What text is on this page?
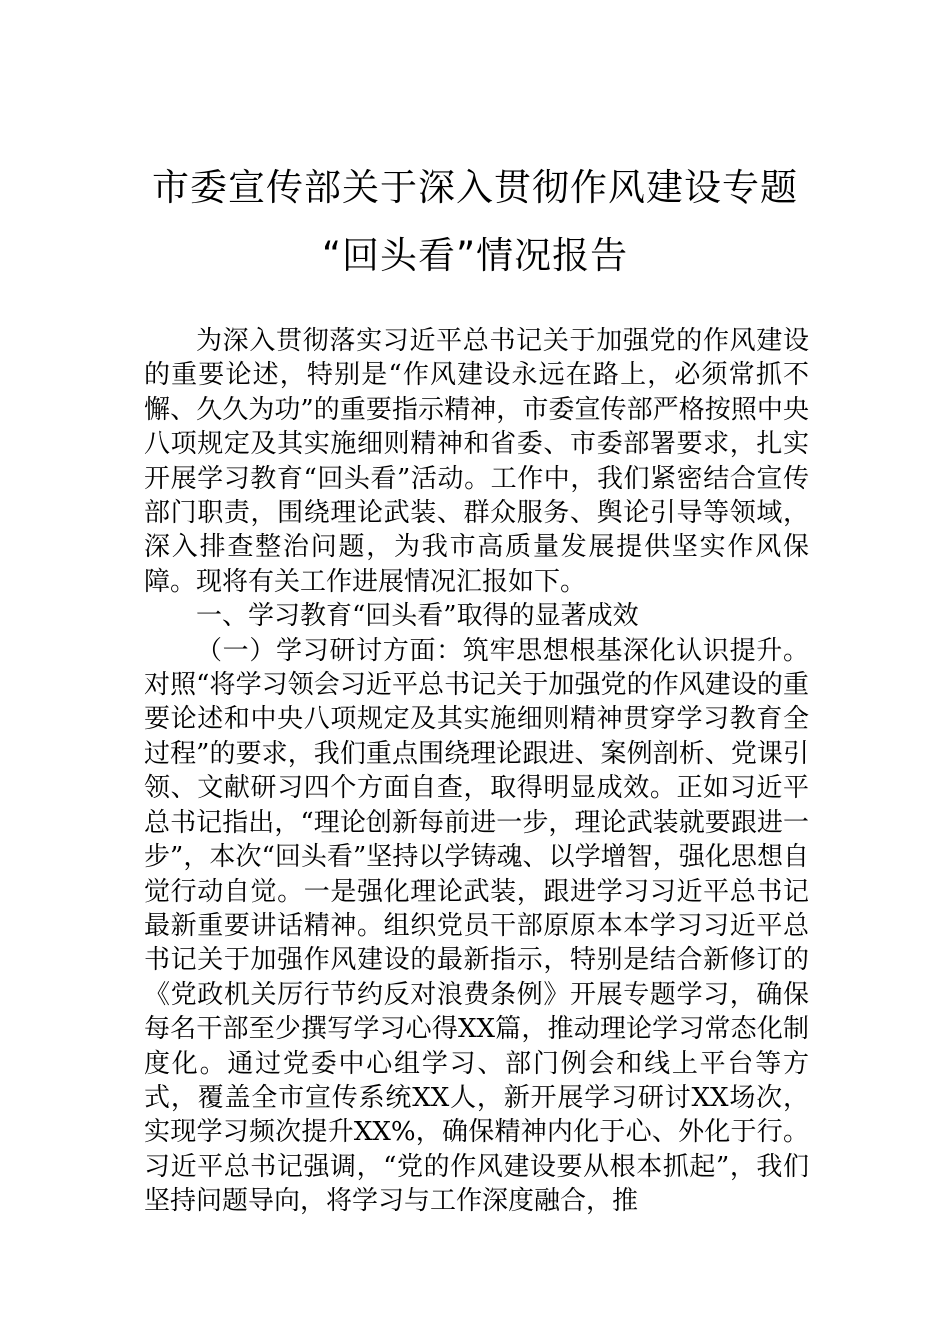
市委宣传部关于深入贯彻作风建设专题
“回头看”情况报告

为深入贯彻落实习近平总书记关于加强党的作风建设的重要论述，特别是“作风建设永远在路上，必须常抓不懈、久久为功”的重要指示精神，市委宣传部严格按照中央八项规定及其实施细则精神和省委、市委部署要求，扎实开展学习教育“回头看”活动。工作中，我们紧密结合宣传部门职责，围绕理论武装、群众服务、舆论引导等领域，深入排查整治问题，为我市高质量发展提供坚实作风保障。现将有关工作进展情况汇报如下。

一、学习教育“回头看”取得的显著成效

（一）学习研讨方面：筑牢思想根基深化认识提升。对照“将学习领会习近平总书记关于加强党的作风建设的重要论述和中央八项规定及其实施细则精神贯穿学习教育全过程”的要求，我们重点围绕理论跟进、案例剖析、党课引领、文献研习四个方面自查，取得明显成效。正如习近平总书记指出，“理论创新每前进一步，理论武装就要跟进一步”，本次“回头看”坚持以学铸魂、以学增智，强化思想自觉行动自觉。一是强化理论武装，跟进学习习近平总书记最新重要讲话精神。组织党员干部原原本本学习习近平总书记关于加强作风建设的最新指示，特别是结合新修订的《党政机关厉行节约反对浪费条例》开展专题学习，确保每名干部至少撰写学习心得XX篇，推动理论学习常态化制度化。通过党委中心组学习、部门例会和线上平台等方式，覆盖全市宣传系统XX人，新开展学习研讨XX场次，实现学习频次提升XX%，确保精神内化于心、外化于行。习近平总书记强调，“党的作风建设要从根本抓起”，我们坚持问题导向，将学习与工作深度融合，推
